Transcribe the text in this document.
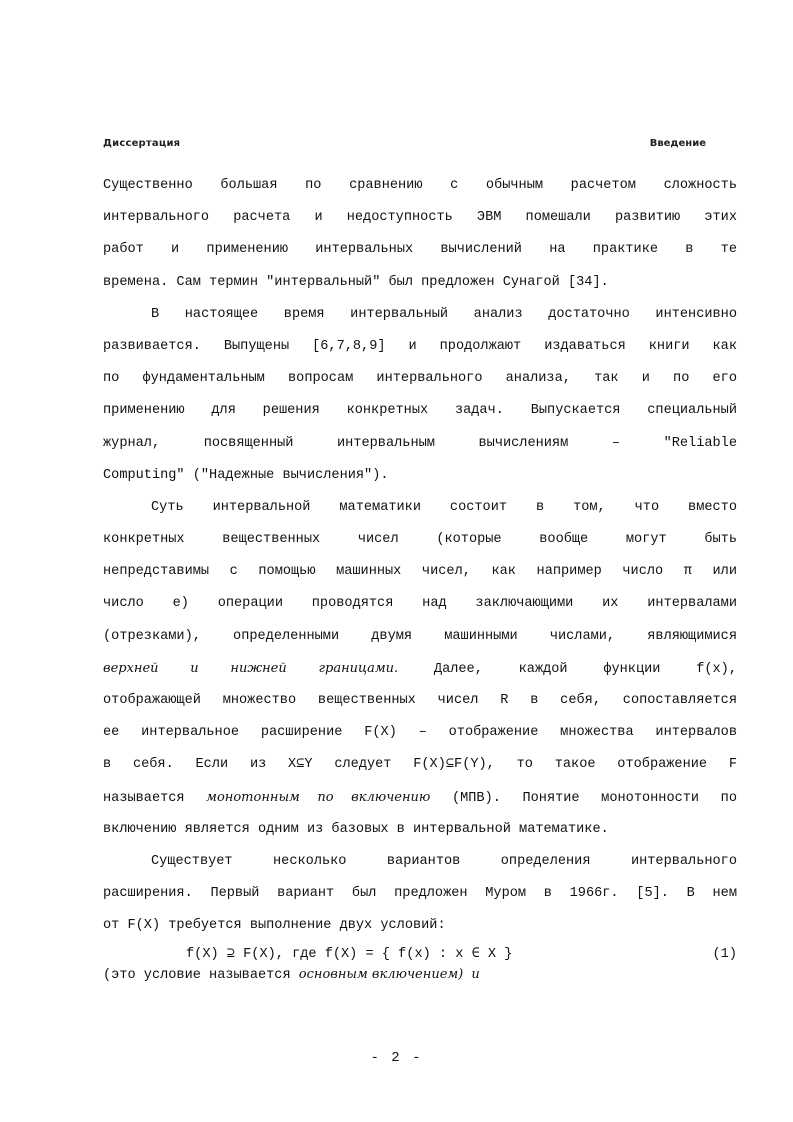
Диссертация	Введение
Существенно большая по сравнению с обычным расчетом сложность
интервального расчета и недоступность ЭВМ помешали развитию этих
работ и применению интервальных вычислений на практике в те
времена. Сам термин "интервальный" был предложен Сунагой [34].
В настоящее время интервальный анализ достаточно интенсивно
развивается. Выпущены [6,7,8,9] и продолжают издаваться книги как
по фундаментальным вопросам интервального анализа, так и по его
применению для решения конкретных задач. Выпускается специальный
журнал, посвященный интервальным вычислениям – "Reliable
Computing" ("Надежные вычисления").
Суть интервальной математики состоит в том, что вместо
конкретных вещественных чисел (которые вообще могут быть
непредставимы с помощью машинных чисел, как например число π или
число e) операции проводятся над заключающими их интервалами
(отрезками), определенными двумя машинными числами, являющимися
верхней и нижней границами. Далее, каждой функции f(x),
отображающей множество вещественных чисел R в себя, сопоставляется
ее интервальное расширение F(X) – отображение множества интервалов
в себя. Если из X⊆Y следует F(X)⊆F(Y), то такое отображение F
называется монотонным по включению (МПВ). Понятие монотонности по
включению является одним из базовых в интервальной математике.
Существует несколько вариантов определения интервального
расширения. Первый вариант был предложен Муром в 1966г. [5]. В нем
от F(X) требуется выполнение двух условий:
f(X) ⊇ F(X), где f(X) = { f(x) : x ∈ X }	(1)
(это условие называется основным включением) и
- 2 -
